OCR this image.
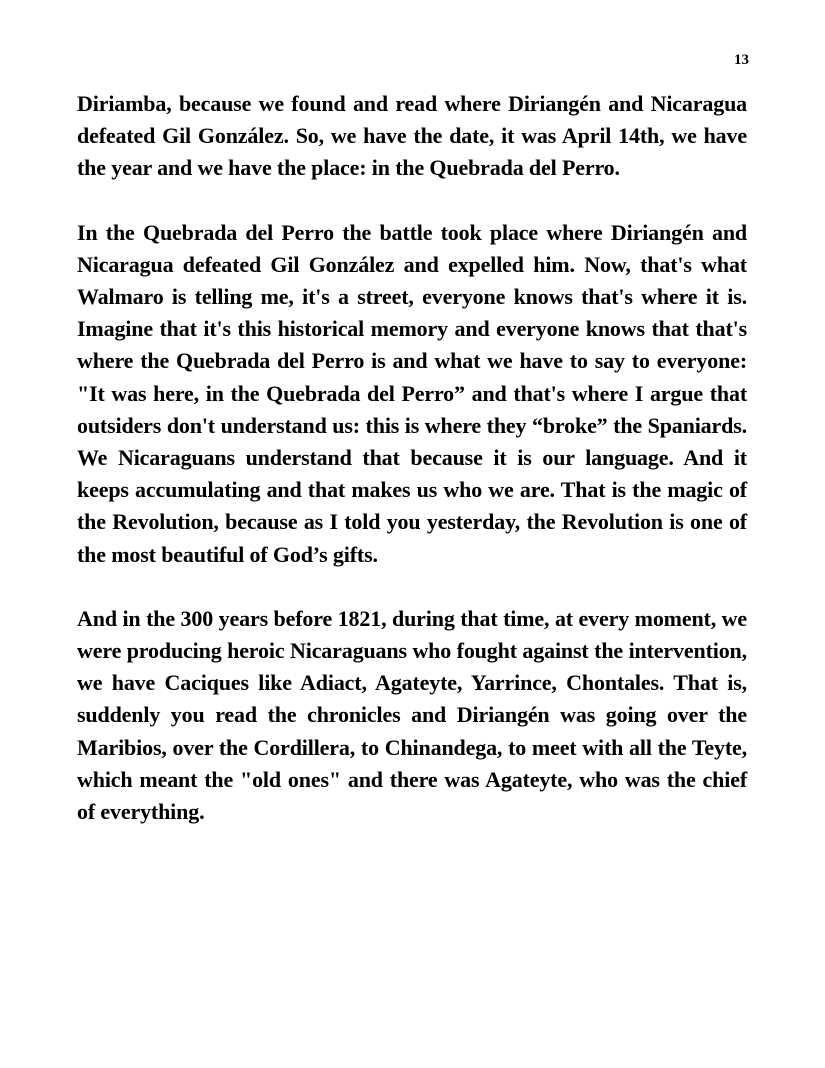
13

Diriamba, because we found and read where Diriangén and Nicaragua defeated Gil González. So, we have the date, it was April 14th, we have the year and we have the place: in the Quebrada del Perro.

In the Quebrada del Perro the battle took place where Diriangén and Nicaragua defeated Gil González and expelled him. Now, that's what Walmaro is telling me, it's a street, everyone knows that's where it is. Imagine that it's this historical memory and everyone knows that that's where the Quebrada del Perro is and what we have to say to everyone: "It was here, in the Quebrada del Perro” and that's where I argue that outsiders don't understand us: this is where they “broke” the Spaniards. We Nicaraguans understand that because it is our language. And it keeps accumulating and that makes us who we are. That is the magic of the Revolution, because as I told you yesterday, the Revolution is one of the most beautiful of God’s gifts.

And in the 300 years before 1821, during that time, at every moment, we were producing heroic Nicaraguans who fought against the intervention, we have Caciques like Adiact, Agateyte, Yarrince, Chontales. That is, suddenly you read the chronicles and Diriangén was going over the Maribios, over the Cordillera, to Chinandega, to meet with all the Teyte, which meant the "old ones" and there was Agateyte, who was the chief of everything.
